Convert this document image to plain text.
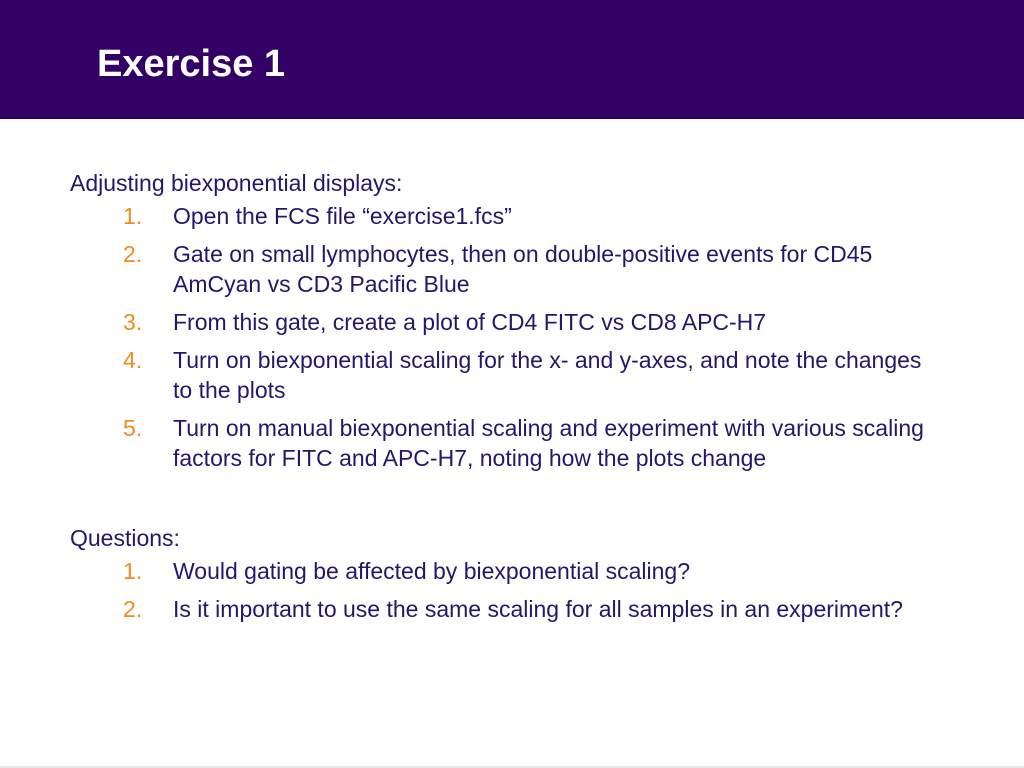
Exercise 1

Adjusting biexponential displays:

1. Open the FCS file “exercise1.fcs”
2. Gate on small lymphocytes, then on double-positive events for CD45 AmCyan vs CD3 Pacific Blue
3. From this gate, create a plot of CD4 FITC vs CD8 APC-H7
4. Turn on biexponential scaling for the x- and y-axes, and note the changes to the plots
5. Turn on manual biexponential scaling and experiment with various scaling factors for FITC and APC-H7, noting how the plots change

Questions:

1. Would gating be affected by biexponential scaling?
2. Is it important to use the same scaling for all samples in an experiment?
